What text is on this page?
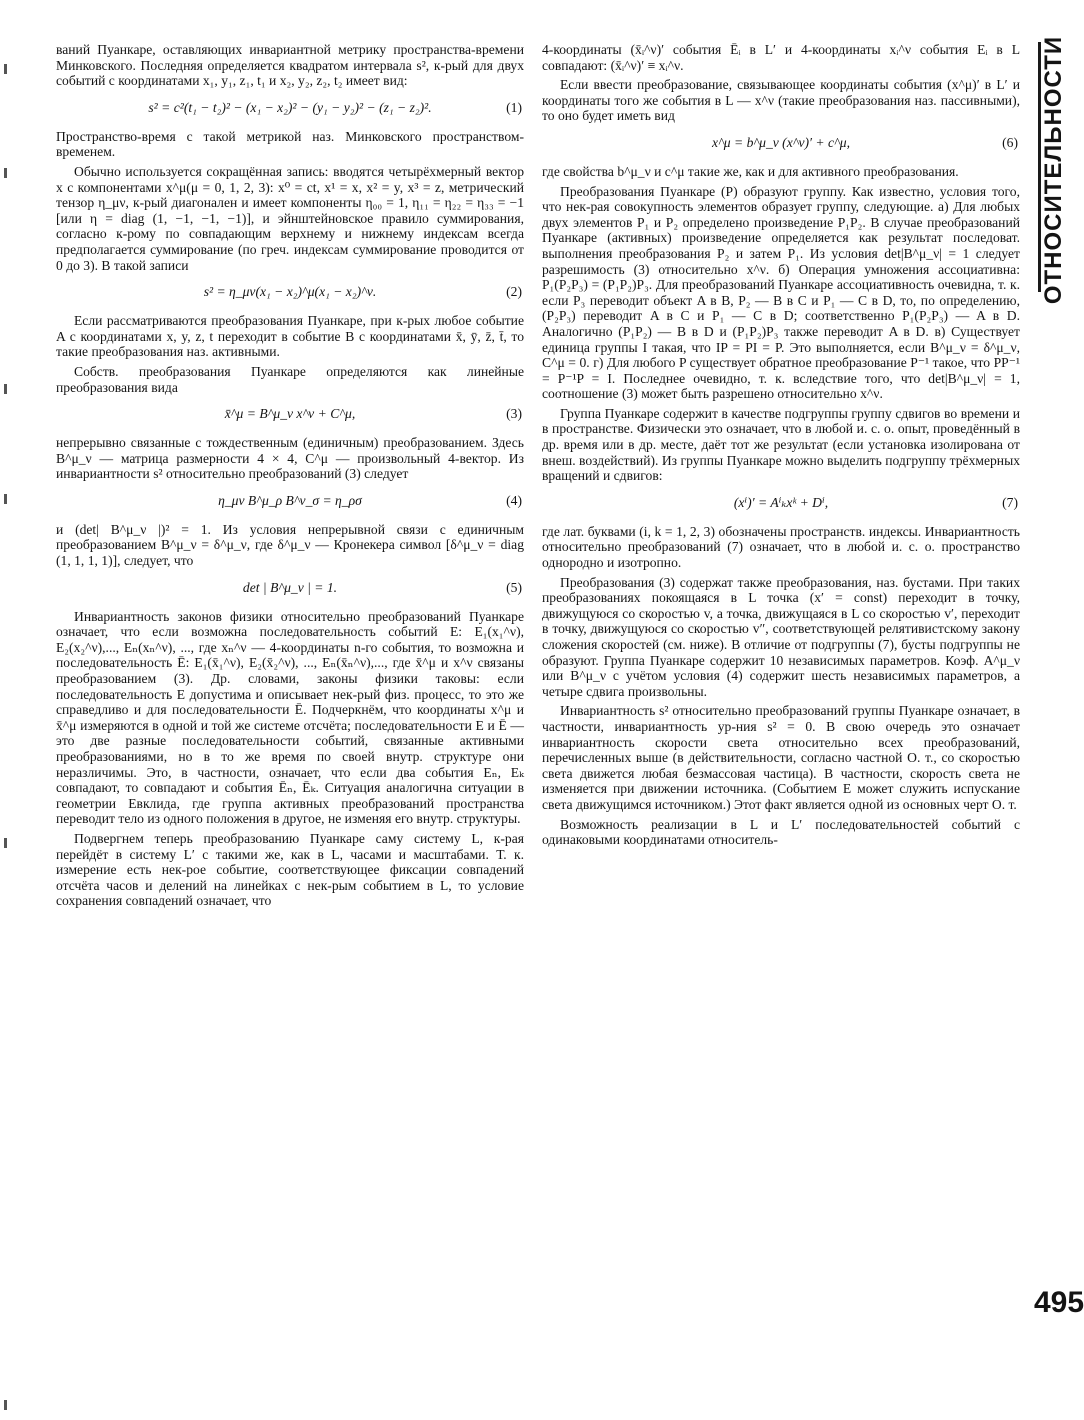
ваний Пуанкаре, оставляющих инвариантной метрику пространства-времени Минковского. Последняя определяется квадратом интервала s², к-рый для двух событий с координатами x₁, y₁, z₁, t₁ и x₂, y₂, z₂, t₂ имеет вид:

s² = c²(t₁ − t₂)² − (x₁ − x₂)² − (y₁ − y₂)² − (z₁ − z₂)².	(1)

Пространство-время с такой метрикой наз. Минковского пространством-временем.

Обычно используется сокращённая запись: вводятся четырёхмерный вектор x с компонентами x^μ(μ = 0, 1, 2, 3): x⁰ = ct, x¹ = x, x² = y, x³ = z, метрический тензор η_μν, к-рый диагонален и имеет компоненты η₀₀ = 1, η₁₁ = η₂₂ = η₃₃ = −1 [или η = diag (1, −1, −1, −1)], и эйнштейновское правило суммирования, согласно к-рому по совпадающим верхнему и нижнему индексам всегда предполагается суммирование (по греч. индексам суммирование проводится от 0 до 3). В такой записи

s² = η_μν(x₁ − x₂)^μ(x₁ − x₂)^ν.	(2)

Если рассматриваются преобразования Пуанкаре, при к-рых любое событие A с координатами x, y, z, t переходит в событие B с координатами x̄, ȳ, z̄, t̄, то такие преобразования наз. активными.

Собств. преобразования Пуанкаре определяются как линейные преобразования вида

x̄^μ = B^μ_ν x^ν + C^μ,	(3)

непрерывно связанные с тождественным (единичным) преобразованием. Здесь B^μ_ν — матрица размерности 4 × 4, C^μ — произвольный 4-вектор. Из инвариантности s² относительно преобразований (3) следует

η_μν B^μ_ρ B^ν_σ = η_ρσ	(4)

и (det| B^μ_ν |)² = 1. Из условия непрерывной связи с единичным преобразованием B^μ_ν = δ^μ_ν, где δ^μ_ν — Кронекера символ [δ^μ_ν = diag (1, 1, 1, 1)], следует, что

det | B^μ_ν | = 1.	(5)

Инвариантность законов физики относительно преобразований Пуанкаре означает, что если возможна последовательность событий E: E₁(x₁^ν), E₂(x₂^ν),..., Eₙ(xₙ^ν), ..., где xₙ^ν — 4-координаты n-го события, то возможна и последовательность Ē: E₁(x̄₁^ν), E₂(x̄₂^ν), ..., Eₙ(x̄ₙ^ν),..., где x̄^μ и x^ν связаны преобразованием (3). Др. словами, законы физики таковы: если последовательность E допустима и описывает нек-рый физ. процесс, то это же справедливо и для последовательности Ē. Подчеркнём, что координаты x^μ и x̄^μ измеряются в одной и той же системе отсчёта; последовательности E и Ē — это две разные последовательности событий, связанные активными преобразованиями, но в то же время по своей внутр. структуре они неразличимы. Это, в частности, означает, что если два события Eₙ, Eₖ совпадают, то совпадают и события Ēₙ, Ēₖ. Ситуация аналогична ситуации в геометрии Евклида, где группа активных преобразований пространства переводит тело из одного положения в другое, не изменяя его внутр. структуры.

Подвергнем теперь преобразованию Пуанкаре саму систему L, к-рая перейдёт в систему L′ с такими же, как в L, часами и масштабами. Т. к. измерение есть нек-рое событие, соответствующее фиксации совпадений отсчёта часов и делений на линейках с нек-рым событием в L, то условие сохранения совпадений означает, что

4-координаты (x̄ᵢ^ν)′ события Ēᵢ в L′ и 4-координаты xᵢ^ν события Eᵢ в L совпадают: (x̄ᵢ^ν)′ ≡ xᵢ^ν.

Если ввести преобразование, связывающее координаты события (x^μ)′ в L′ и координаты того же события в L — x^ν (такие преобразования наз. пассивными), то оно будет иметь вид

x^μ = b^μ_ν (x^ν)′ + c^μ,	(6)

где свойства b^μ_ν и c^μ такие же, как и для активного преобразования.

Преобразования Пуанкаре (P) образуют группу. Как известно, условия того, что нек-рая совокупность элементов образует группу, следующие. а) Для любых двух элементов P₁ и P₂ определено произведение P₁P₂. В случае преобразований Пуанкаре (активных) произведение определяется как результат последоват. выполнения преобразования P₂ и затем P₁. Из условия det|B^μ_ν| = 1 следует разрешимость (3) относительно x^ν. б) Операция умножения ассоциативна: P₁(P₂P₃) = (P₁P₂)P₃. Для преобразований Пуанкаре ассоциативность очевидна, т. к. если P₃ переводит объект A в B, P₂ — B в C и P₁ — C в D, то, по определению, (P₂P₃) переводит A в C и P₁ — C в D; соответственно P₁(P₂P₃) — A в D. Аналогично (P₁P₂) — B в D и (P₁P₂)P₃ также переводит A в D. в) Существует единица группы I такая, что IP = PI = P. Это выполняется, если B^μ_ν = δ^μ_ν, C^μ = 0. г) Для любого P существует обратное преобразование P⁻¹ такое, что PP⁻¹ = P⁻¹P = I. Последнее очевидно, т. к. вследствие того, что det|B^μ_ν| = 1, соотношение (3) может быть разрешено относительно x^ν.

Группа Пуанкаре содержит в качестве подгруппы группу сдвигов во времени и в пространстве. Физически это означает, что в любой и. с. о. опыт, проведённый в др. время или в др. месте, даёт тот же результат (если установка изолирована от внеш. воздействий). Из группы Пуанкаре можно выделить подгруппу трёхмерных вращений и сдвигов:

(xⁱ)′ = Aⁱₖxᵏ + Dⁱ,	(7)

где лат. буквами (i, k = 1, 2, 3) обозначены пространств. индексы. Инвариантность относительно преобразований (7) означает, что в любой и. с. о. пространство однородно и изотропно.

Преобразования (3) содержат также преобразования, наз. бустами. При таких преобразованиях покоящаяся в L точка (x′ = const) переходит в точку, движущуюся со скоростью v, а точка, движущаяся в L со скоростью v′, переходит в точку, движущуюся со скоростью v″, соответствующей релятивистскому закону сложения скоростей (см. ниже). В отличие от подгруппы (7), бусты подгруппы не образуют. Группа Пуанкаре содержит 10 независимых параметров. Коэф. A^μ_ν или B^μ_ν с учётом условия (4) содержит шесть независимых параметров, а четыре сдвига произвольны.

Инвариантность s² относительно преобразований группы Пуанкаре означает, в частности, инвариантность ур-ния s² = 0. В свою очередь это означает инвариантность скорости света относительно всех преобразований, перечисленных выше (в действительности, согласно частной О. т., со скоростью света движется любая безмассовая частица). В частности, скорость света не изменяется при движении источника. (Событием E может служить испускание света движущимся источником.) Этот факт является одной из основных черт О. т.

Возможность реализации в L и L′ последовательностей событий с одинаковыми координатами относитель-

ОТНОСИТЕЛЬНОСТИ
495
